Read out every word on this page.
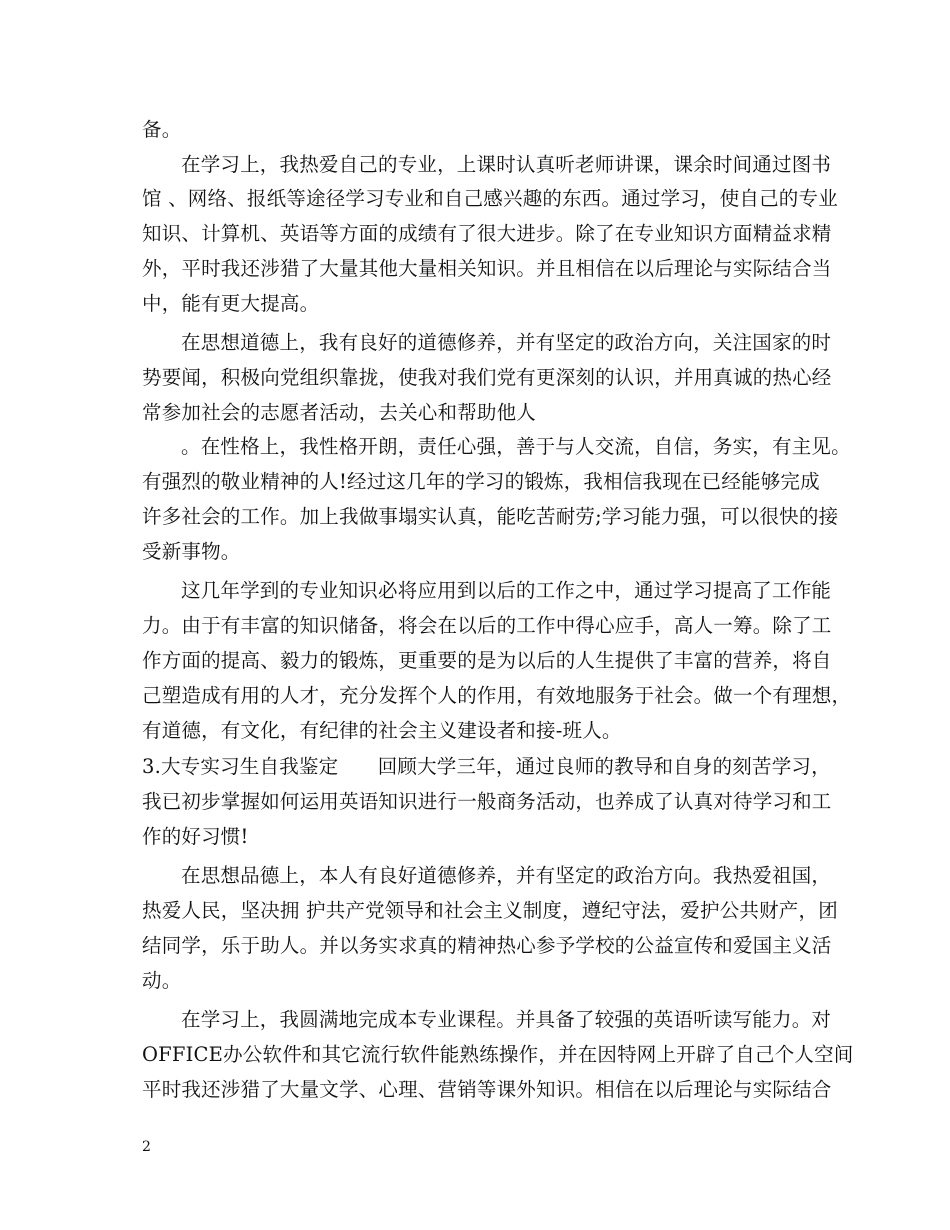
备。
在学习上，我热爱自己的专业，上课时认真听老师讲课，课余时间通过图书
馆 、网络、报纸等途径学习专业和自己感兴趣的东西。通过学习，使自己的专业
知识、计算机、英语等方面的成绩有了很大进步。除了在专业知识方面精益求精
外，平时我还涉猎了大量其他大量相关知识。并且相信在以后理论与实际结合当
中，能有更大提高。
在思想道德上，我有良好的道德修养，并有坚定的政治方向，关注国家的时
势要闻，积极向党组织靠拢，使我对我们党有更深刻的认识，并用真诚的热心经
常参加社会的志愿者活动，去关心和帮助他人
。在性格上，我性格开朗，责任心强，善于与人交流，自信，务实，有主见。
有强烈的敬业精神的人!经过这几年的学习的锻炼，我相信我现在已经能够完成
许多社会的工作。加上我做事塌实认真，能吃苦耐劳;学习能力强，可以很快的接
受新事物。
这几年学到的专业知识必将应用到以后的工作之中，通过学习提高了工作能
力。由于有丰富的知识储备，将会在以后的工作中得心应手，高人一筹。除了工
作方面的提高、毅力的锻炼，更重要的是为以后的人生提供了丰富的营养，将自
己塑造成有用的人才，充分发挥个人的作用，有效地服务于社会。做一个有理想，
有道德，有文化，有纪律的社会主义建设者和接-班人。
3.大专实习生自我鉴定　　回顾大学三年，通过良师的教导和自身的刻苦学习，
我已初步掌握如何运用英语知识进行一般商务活动，也养成了认真对待学习和工
作的好习惯!
在思想品德上，本人有良好道德修养，并有坚定的政治方向。我热爱祖国，
热爱人民，坚决拥 护共产党领导和社会主义制度，遵纪守法，爱护公共财产，团
结同学，乐于助人。并以务实求真的精神热心参予学校的公益宣传和爱国主义活
动。
在学习上，我圆满地完成本专业课程。并具备了较强的英语听读写能力。对
OFFICE办公软件和其它流行软件能熟练操作，并在因特网上开辟了自己个人空间
平时我还涉猎了大量文学、心理、营销等课外知识。相信在以后理论与实际结合
2
